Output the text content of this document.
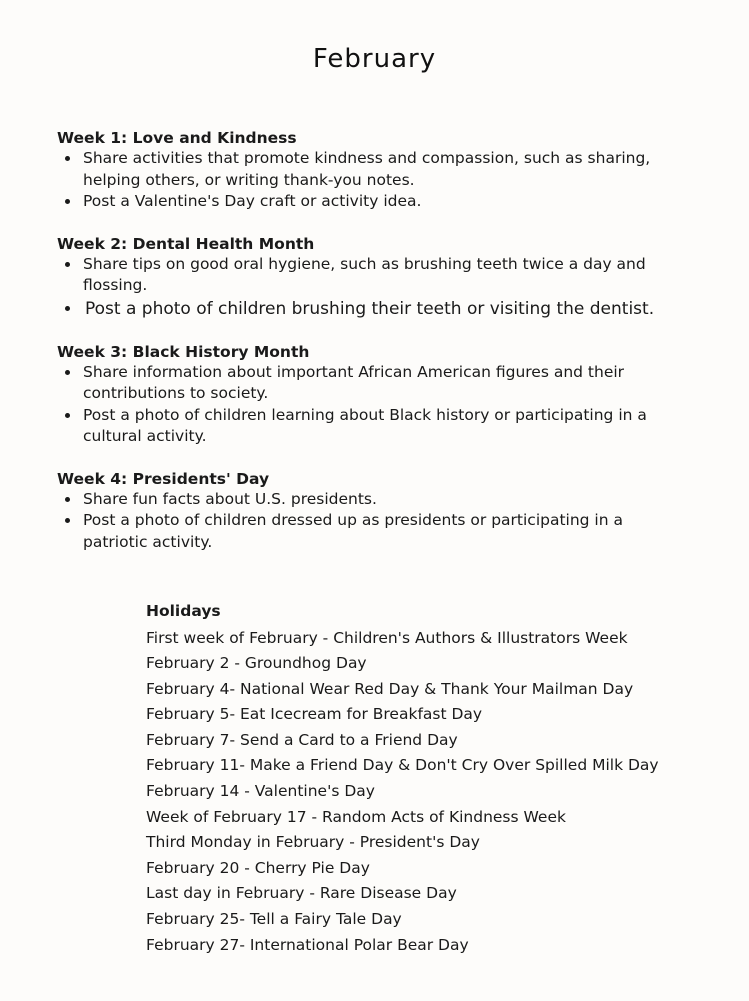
February

Week 1: Love and Kindness

Share activities that promote kindness and compassion, such as sharing, helping others, or writing thank-you notes.
Post a Valentine's Day craft or activity idea.

Week 2: Dental Health Month

Share tips on good oral hygiene, such as brushing teeth twice a day and flossing.
Post a photo of children brushing their teeth or visiting the dentist.

Week 3: Black History Month

Share information about important African American figures and their contributions to society.
Post a photo of children learning about Black history or participating in a cultural activity.

Week 4: Presidents' Day

Share fun facts about U.S. presidents.
Post a photo of children dressed up as presidents or participating in a patriotic activity.

Holidays

First week of February - Children's Authors & Illustrators Week
February 2 - Groundhog Day
February 4- National Wear Red Day & Thank Your Mailman Day
February 5- Eat Icecream for Breakfast Day
February 7- Send a Card to a Friend Day
February 11- Make a Friend Day & Don't Cry Over Spilled Milk Day
February 14 - Valentine's Day
Week of February 17 - Random Acts of Kindness Week
Third Monday in February - President's Day
February 20 - Cherry Pie Day
Last day in February - Rare Disease Day
February 25- Tell a Fairy Tale Day
February 27- International Polar Bear Day
